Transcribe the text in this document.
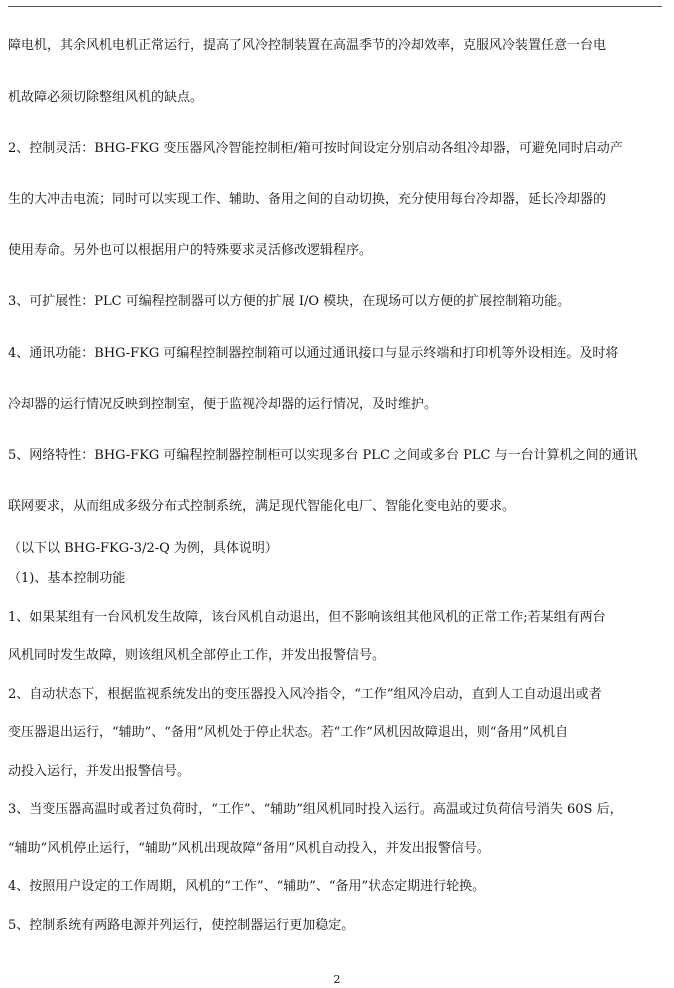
障电机，其余风机电机正常运行，提高了风冷控制装置在高温季节的冷却效率，克服风冷装置任意一台电
机故障必须切除整组风机的缺点。
2、控制灵活：BHG-FKG 变压器风冷智能控制柜/箱可按时间设定分别启动各组冷却器，可避免同时启动产
生的大冲击电流；同时可以实现工作、辅助、备用之间的自动切换，充分使用每台冷却器，延长冷却器的
使用寿命。另外也可以根据用户的特殊要求灵活修改逻辑程序。
3、可扩展性：PLC 可编程控制器可以方便的扩展 I/O 模块，在现场可以方便的扩展控制箱功能。
4、通讯功能：BHG-FKG 可编程控制器控制箱可以通过通讯接口与显示终端和打印机等外设相连。及时将
冷却器的运行情况反映到控制室，便于监视冷却器的运行情况，及时维护。
5、网络特性：BHG-FKG 可编程控制器控制柜可以实现多台 PLC 之间或多台 PLC 与一台计算机之间的通讯
联网要求，从而组成多级分布式控制系统，满足现代智能化电厂、智能化变电站的要求。
（以下以 BHG-FKG-3/2-Q 为例，具体说明）
（1)、基本控制功能
1、如果某组有一台风机发生故障，该台风机自动退出，但不影响该组其他风机的正常工作;若某组有两台
风机同时发生故障，则该组风机全部停止工作，并发出报警信号。
2、自动状态下，根据监视系统发出的变压器投入风冷指令，“工作”组风冷启动，直到人工自动退出或者
变压器退出运行，“辅助”、“备用”风机处于停止状态。若“工作”风机因故障退出，则“备用”风机自
动投入运行，并发出报警信号。
3、当变压器高温时或者过负荷时，“工作”、“辅助”组风机同时投入运行。高温或过负荷信号消失 60S 后，
“辅助”风机停止运行，“辅助”风机出现故障“备用”风机自动投入，并发出报警信号。
4、按照用户设定的工作周期，风机的“工作”、“辅助”、“备用”状态定期进行轮换。
5、控制系统有两路电源并列运行，使控制器运行更加稳定。
2
